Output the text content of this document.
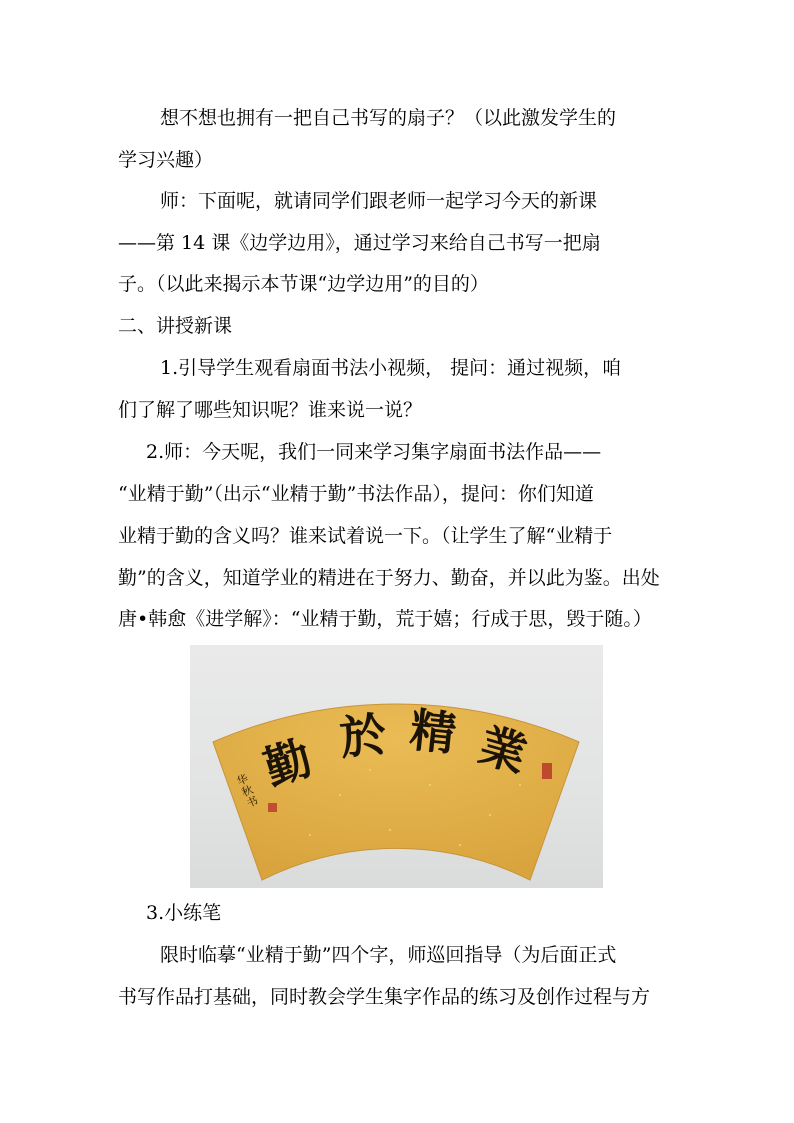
想不想也拥有一把自己书写的扇子？（以此激发学生的
学习兴趣）
师：下面呢，就请同学们跟老师一起学习今天的新课
——第 14 课《边学边用》，通过学习来给自己书写一把扇
子。（以此来揭示本节课“边学边用”的目的）
二、讲授新课
1.引导学生观看扇面书法小视频， 提问：通过视频，咱
们了解了哪些知识呢？谁来说一说？
2.师：今天呢，我们一同来学习集字扇面书法作品——
“业精于勤”（出示“业精于勤”书法作品），提问：你们知道
业精于勤的含义吗？谁来试着说一下。（让学生了解“业精于
勤”的含义，知道学业的精进在于努力、勤奋，并以此为鉴。出处
唐•韩愈《进学解》：“业精于勤，荒于嬉；行成于思，毁于随。）
勤 於 精 業
华 秋 书
3.小练笔
限时临摹“业精于勤”四个字，师巡回指导（为后面正式
书写作品打基础，同时教会学生集字作品的练习及创作过程与方
